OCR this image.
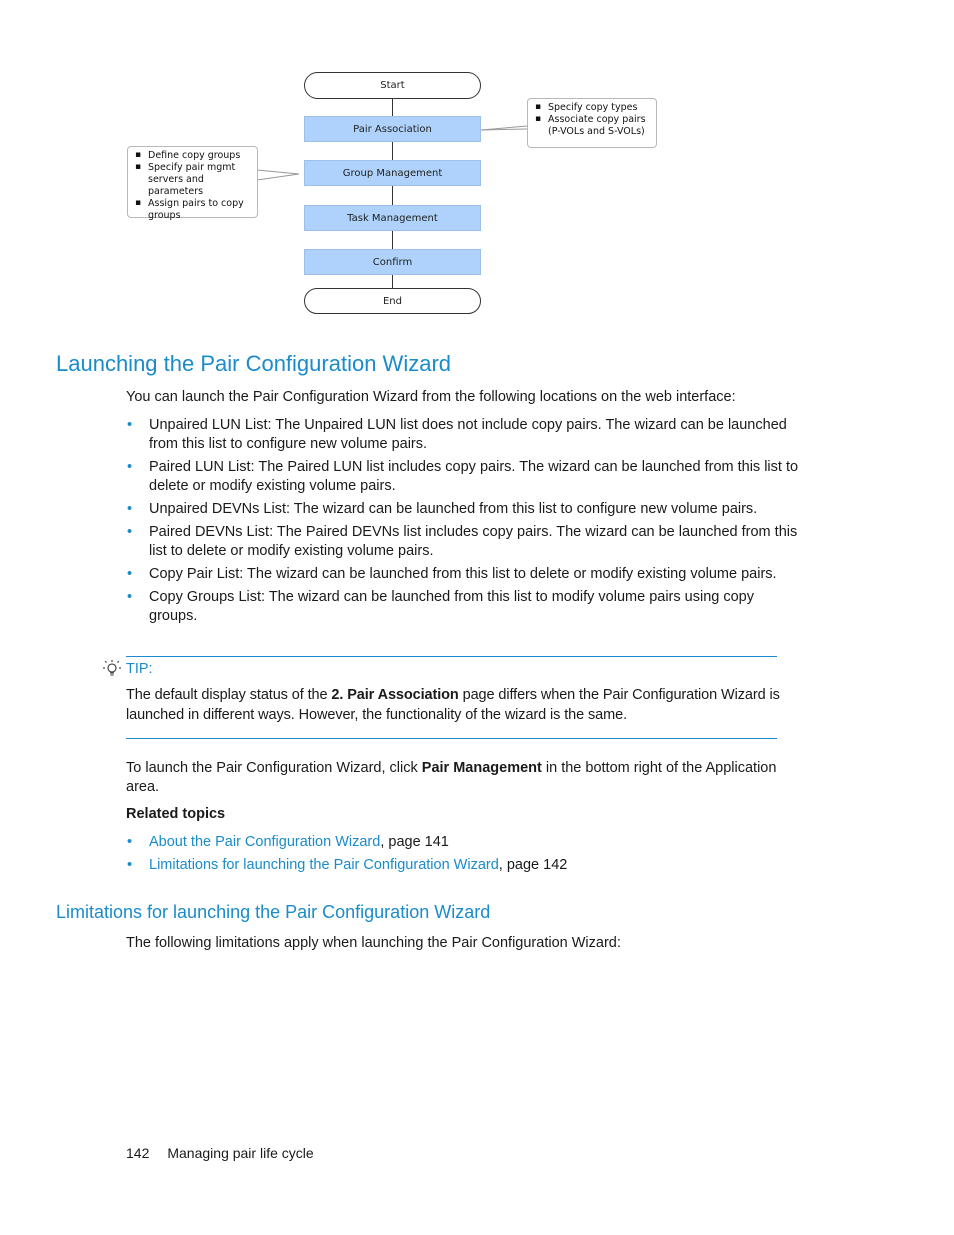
Start
Pair Association
Group Management
Task Management
Confirm
End
▪ Specify copy types
▪ Associate copy pairs
(P-VOLs and S-VOLs)
▪ Define copy groups
▪ Specify pair mgmt
servers and parameters
▪ Assign pairs to copy
groups
Launching the Pair Configuration Wizard

You can launch the Pair Configuration Wizard from the following locations on the web interface:

• Unpaired LUN List: The Unpaired LUN list does not include copy pairs. The wizard can be launched from this list to configure new volume pairs.
• Paired LUN List: The Paired LUN list includes copy pairs. The wizard can be launched from this list to delete or modify existing volume pairs.
• Unpaired DEVNs List: The wizard can be launched from this list to configure new volume pairs.
• Paired DEVNs List: The Paired DEVNs list includes copy pairs. The wizard can be launched from this list to delete or modify existing volume pairs.
• Copy Pair List: The wizard can be launched from this list to delete or modify existing volume pairs.
• Copy Groups List: The wizard can be launched from this list to modify volume pairs using copy groups.
TIP:

The default display status of the 2. Pair Association page differs when the Pair Configuration Wizard is launched in different ways. However, the functionality of the wizard is the same.

To launch the Pair Configuration Wizard, click Pair Management in the bottom right of the Application area.

Related topics

• About the Pair Configuration Wizard, page 141
• Limitations for launching the Pair Configuration Wizard, page 142
Limitations for launching the Pair Configuration Wizard

The following limitations apply when launching the Pair Configuration Wizard:

142 Managing pair life cycle
